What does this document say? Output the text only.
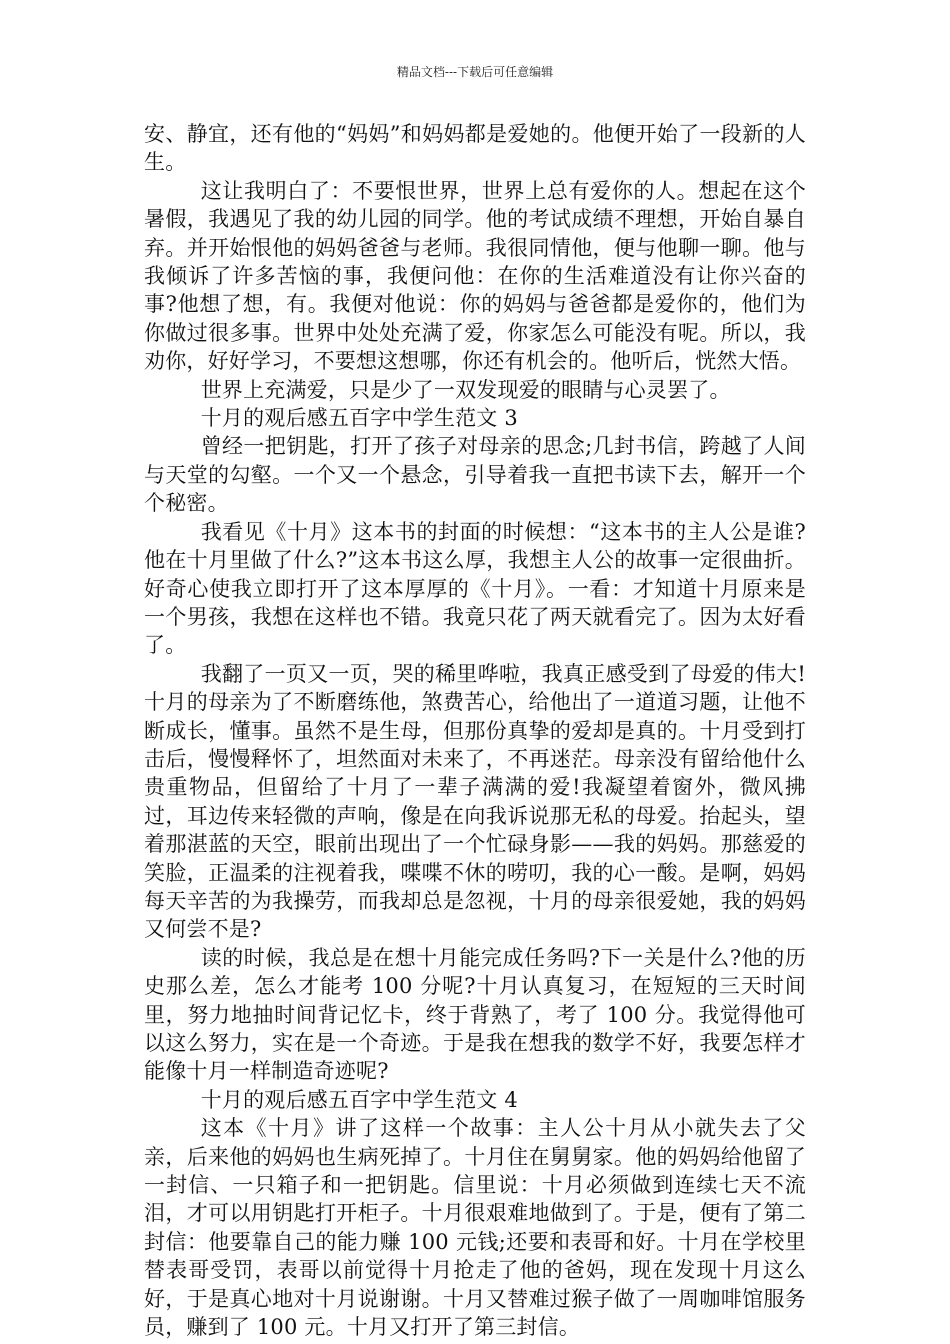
精品文档---下载后可任意编辑

安、静宜，还有他的“妈妈”和妈妈都是爱她的。他便开始了一段新的人生。

这让我明白了：不要恨世界，世界上总有爱你的人。想起在这个暑假，我遇见了我的幼儿园的同学。他的考试成绩不理想，开始自暴自弃。并开始恨他的妈妈爸爸与老师。我很同情他，便与他聊一聊。他与我倾诉了许多苦恼的事，我便问他：在你的生活难道没有让你兴奋的事?他想了想，有。我便对他说：你的妈妈与爸爸都是爱你的，他们为你做过很多事。世界中处处充满了爱，你家怎么可能没有呢。所以，我劝你，好好学习，不要想这想哪，你还有机会的。他听后，恍然大悟。

世界上充满爱，只是少了一双发现爱的眼睛与心灵罢了。

十月的观后感五百字中学生范文 3

曾经一把钥匙，打开了孩子对母亲的思念;几封书信，跨越了人间与天堂的勾壑。一个又一个悬念，引导着我一直把书读下去，解开一个个秘密。

我看见《十月》这本书的封面的时候想：“这本书的主人公是谁?他在十月里做了什么?”这本书这么厚，我想主人公的故事一定很曲折。好奇心使我立即打开了这本厚厚的《十月》。一看：才知道十月原来是一个男孩，我想在这样也不错。我竟只花了两天就看完了。因为太好看了。

我翻了一页又一页，哭的稀里哗啦，我真正感受到了母爱的伟大!十月的母亲为了不断磨练他，煞费苦心，给他出了一道道习题，让他不断成长，懂事。虽然不是生母，但那份真挚的爱却是真的。十月受到打击后，慢慢释怀了，坦然面对未来了，不再迷茫。母亲没有留给他什么贵重物品，但留给了十月了一辈子满满的爱!我凝望着窗外，微风拂过，耳边传来轻微的声响，像是在向我诉说那无私的母爱。抬起头，望着那湛蓝的天空，眼前出现出了一个忙碌身影——我的妈妈。那慈爱的笑脸，正温柔的注视着我，喋喋不休的唠叨，我的心一酸。是啊，妈妈每天辛苦的为我操劳，而我却总是忽视，十月的母亲很爱她，我的妈妈又何尝不是?

读的时候，我总是在想十月能完成任务吗?下一关是什么?他的历史那么差，怎么才能考 100 分呢?十月认真复习，在短短的三天时间里，努力地抽时间背记忆卡，终于背熟了，考了 100 分。我觉得他可以这么努力，实在是一个奇迹。于是我在想我的数学不好，我要怎样才能像十月一样制造奇迹呢?

十月的观后感五百字中学生范文 4

这本《十月》讲了这样一个故事：主人公十月从小就失去了父亲，后来他的妈妈也生病死掉了。十月住在舅舅家。他的妈妈给他留了一封信、一只箱子和一把钥匙。信里说：十月必须做到连续七天不流泪，才可以用钥匙打开柜子。十月很艰难地做到了。于是，便有了第二封信：他要靠自己的能力赚 100 元钱;还要和表哥和好。十月在学校里替表哥受罚，表哥以前觉得十月抢走了他的爸妈，现在发现十月这么好，于是真心地对十月说谢谢。十月又替难过猴子做了一周咖啡馆服务员，赚到了 100 元。十月又打开了第三封信。
